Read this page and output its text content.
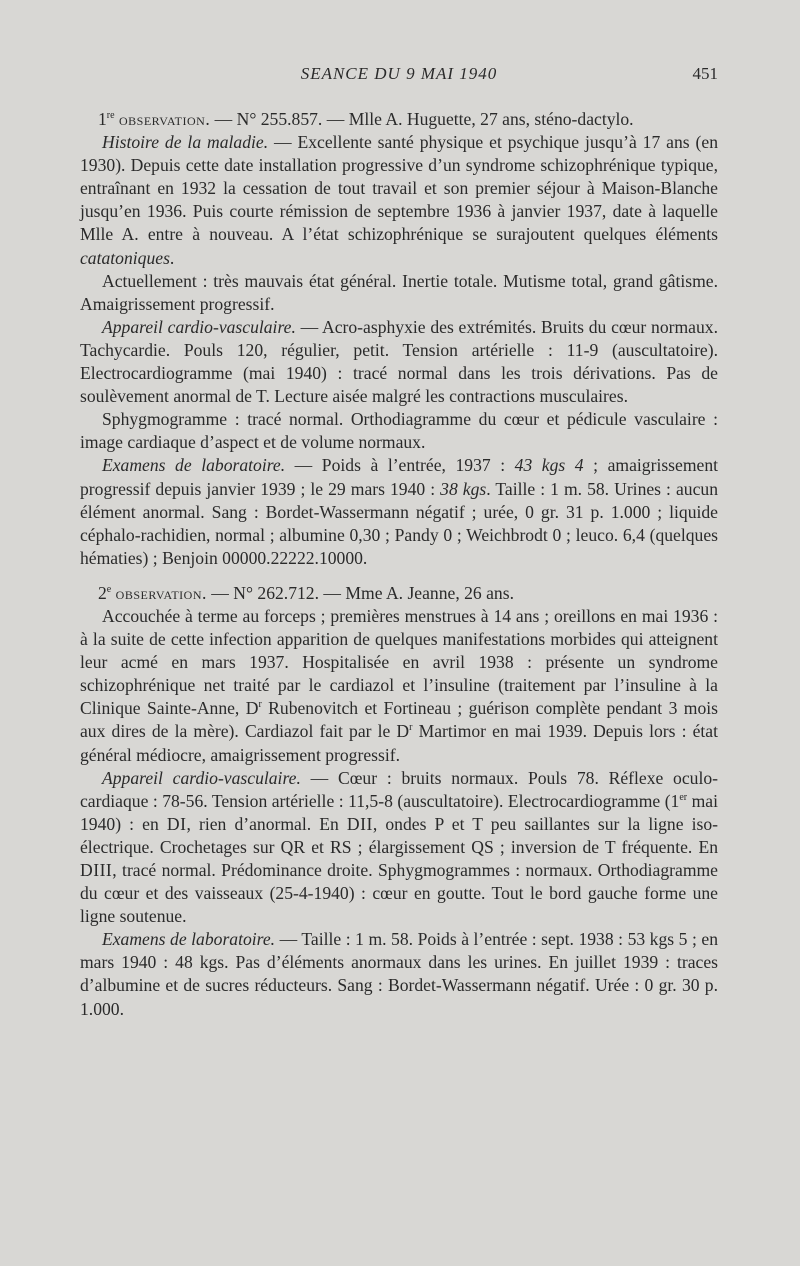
SEANCE DU 9 MAI 1940	451

1re observation. — N° 255.857. — Mlle A. Huguette, 27 ans, sténo-dactylo.

Histoire de la maladie. — Excellente santé physique et psychique jusqu’à 17 ans (en 1930). Depuis cette date installation progressive d’un syndrome schizophrénique typique, entraînant en 1932 la cessation de tout travail et son premier séjour à Maison-Blanche jusqu’en 1936. Puis courte rémission de septembre 1936 à janvier 1937, date à laquelle Mlle A. entre à nouveau. A l’état schizophrénique se surajoutent quelques éléments catatoniques.

Actuellement : très mauvais état général. Inertie totale. Mutisme total, grand gâtisme. Amaigrissement progressif.

Appareil cardio-vasculaire. — Acro-asphyxie des extrémités. Bruits du cœur normaux. Tachycardie. Pouls 120, régulier, petit. Tension artérielle : 11-9 (auscultatoire). Electrocardiogramme (mai 1940) : tracé normal dans les trois dérivations. Pas de soulèvement anormal de T. Lecture aisée malgré les contractions musculaires.

Sphygmogramme : tracé normal. Orthodiagramme du cœur et pédicule vasculaire : image cardiaque d’aspect et de volume normaux.

Examens de laboratoire. — Poids à l’entrée, 1937 : 43 kgs 4 ; amaigrissement progressif depuis janvier 1939 ; le 29 mars 1940 : 38 kgs. Taille : 1 m. 58. Urines : aucun élément anormal. Sang : Bordet-Wassermann négatif ; urée, 0 gr. 31 p. 1.000 ; liquide céphalo-rachidien, normal ; albumine 0,30 ; Pandy 0 ; Weichbrodt 0 ; leuco. 6,4 (quelques hématies) ; Benjoin 00000.22222.10000.

2e observation. — N° 262.712. — Mme A. Jeanne, 26 ans.

Accouchée à terme au forceps ; premières menstrues à 14 ans ; oreillons en mai 1936 : à la suite de cette infection apparition de quelques manifestations morbides qui atteignent leur acmé en mars 1937. Hospitalisée en avril 1938 : présente un syndrome schizophrénique net traité par le cardiazol et l’insuline (traitement par l’insuline à la Clinique Sainte-Anne, $D^r$ Rubenovitch et Fortineau ; guérison complète pendant 3 mois aux dires de la mère). Cardiazol fait par le $D^r$ Martimor en mai 1939. Depuis lors : état général médiocre, amaigrissement progressif.

Appareil cardio-vasculaire. — Cœur : bruits normaux. Pouls 78. Réflexe oculo-cardiaque : 78-56. Tension artérielle : 11,5-8 (auscultatoire). Electrocardiogramme (1er mai 1940) : en DI, rien d’anormal. En DII, ondes P et T peu saillantes sur la ligne iso-électrique. Crochetages sur QR et RS ; élargissement QS ; inversion de T fréquente. En DIII, tracé normal. Prédominance droite. Sphygmogrammes : normaux. Orthodiagramme du cœur et des vaisseaux (25-4-1940) : cœur en goutte. Tout le bord gauche forme une ligne soutenue.

Examens de laboratoire. — Taille : 1 m. 58. Poids à l’entrée : sept. 1938 : 53 kgs 5 ; en mars 1940 : 48 kgs. Pas d’éléments anormaux dans les urines. En juillet 1939 : traces d’albumine et de sucres réducteurs. Sang : Bordet-Wassermann négatif. Urée : 0 gr. 30 p. 1.000.
